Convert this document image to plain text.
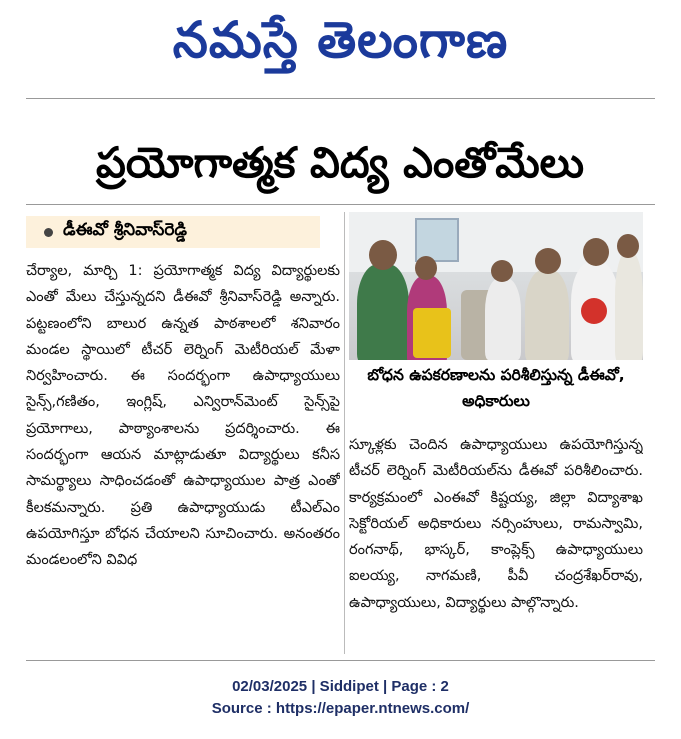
నమస్తే తెలంగాణ
ప్రయోగాత్మక విద్య ఎంతోమేలు
డీఈవో శ్రీనివాస్‌రెడ్డి
చేర్యాల, మార్చి 1: ప్రయోగాత్మక విద్య విద్యార్థులకు ఎంతో మేలు చేస్తున్నదని డీఈవో శ్రీనివాస్‌రెడ్డి అన్నారు. పట్టణంలోని బాలుర ఉన్నత పాఠశాలలో శనివారం మండల స్థాయిలో టీచర్ లెర్నింగ్ మెటీరియల్ మేళా నిర్వహించారు. ఈ సందర్భంగా ఉపాధ్యాయులు సైన్స్,గణితం, ఇంగ్లిష్, ఎన్విరాన్‌మెంట్ సైన్స్‌పై ప్రయోగాలు, పాఠ్యాంశాలను ప్రదర్శించారు. ఈ సందర్భంగా ఆయన మాట్లాడుతూ విద్యార్థులు కనీస సామర్థ్యాలు సాధించడంతో ఉపాధ్యాయుల పాత్ర ఎంతో కీలకమన్నారు. ప్రతి ఉపాధ్యాయుడు టీఎల్‌ఎం ఉపయోగిస్తూ బోధన చేయాలని సూచించారు. అనంతరం మండలంలోని వివిధ
బోధన ఉపకరణాలను పరిశీలిస్తున్న డీఈవో, అధికారులు
స్కూళ్లకు చెందిన ఉపాధ్యాయులు ఉపయోగిస్తున్న టీచర్ లెర్నింగ్ మెటీరియల్‌ను డీఈవో పరిశీలించారు. కార్యక్రమంలో ఎంఈవో కిష్టయ్య, జిల్లా విద్యాశాఖ సెక్టోరియల్ అధికారులు నర్సింహులు, రామస్వామి, రంగనాథ్, భాస్కర్, కాంప్లెక్స్ ఉపాధ్యాయులు ఐలయ్య, నాగమణి, పీవీ చంద్రశేఖర్‌రావు, ఉపాధ్యాయులు, విద్యార్థులు పాల్గొన్నారు.
02/03/2025 | Siddipet | Page : 2
Source : https://epaper.ntnews.com/
